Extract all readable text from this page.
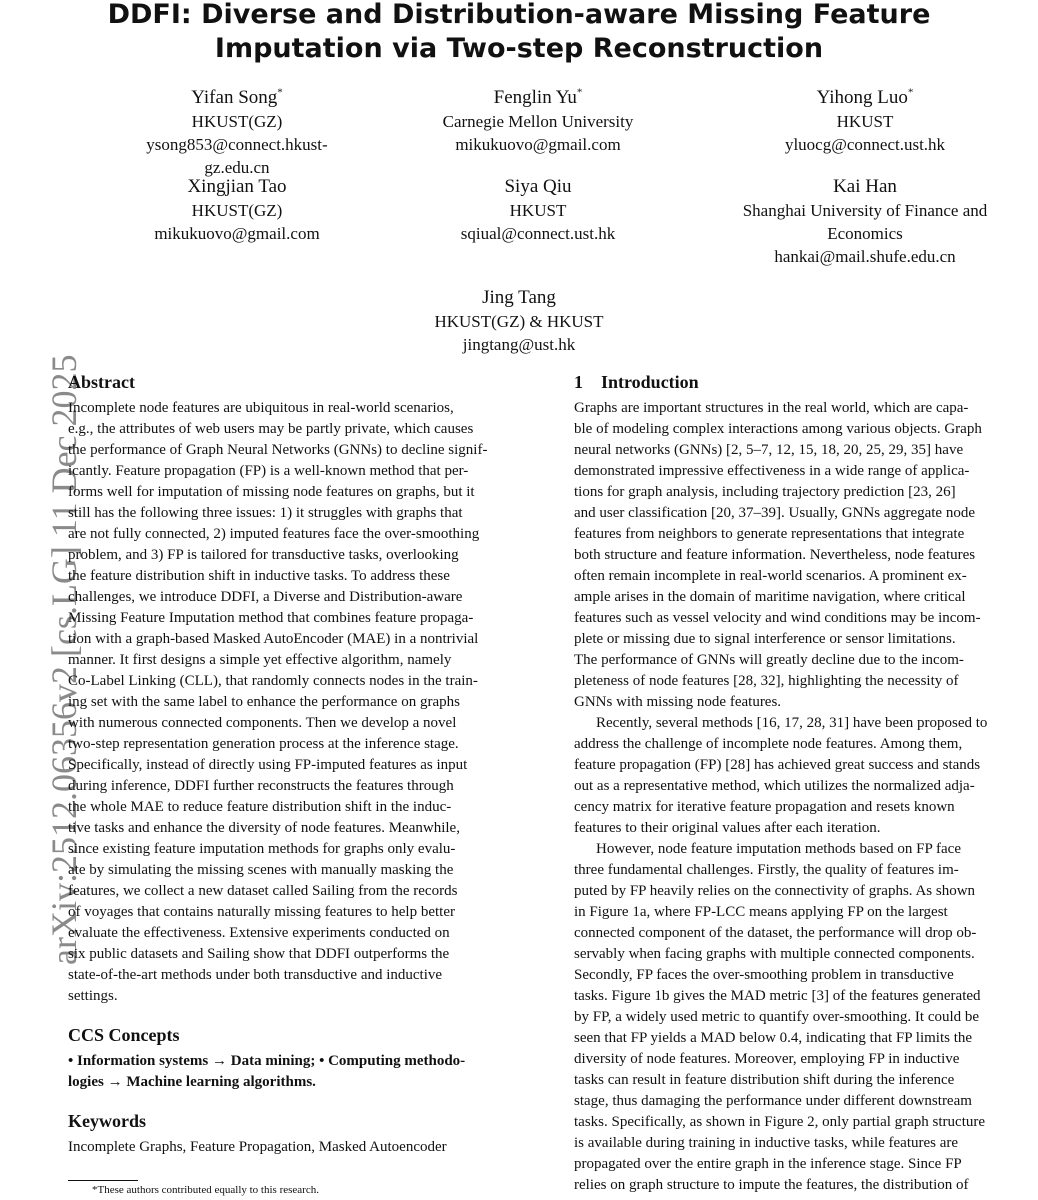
DDFI: Diverse and Distribution-aware Missing Feature
Imputation via Two-step Reconstruction
Yifan Song*
HKUST(GZ)
ysong853@connect.hkust-gz.edu.cn
Fenglin Yu*
Carnegie Mellon University
mikukuovo@gmail.com
Yihong Luo*
HKUST
yluocg@connect.ust.hk
Xingjian Tao
HKUST(GZ)
mikukuovo@gmail.com
Siya Qiu
HKUST
sqiual@connect.ust.hk
Kai Han
Shanghai University of Finance and
Economics
hankai@mail.shufe.edu.cn
Jing Tang
HKUST(GZ) & HKUST
jingtang@ust.hk
arXiv:2512.06356v2 [cs.LG] 11 Dec 2025
Abstract
Incomplete node features are ubiquitous in real-world scenarios,
e.g., the attributes of web users may be partly private, which causes
the performance of Graph Neural Networks (GNNs) to decline signif-
icantly. Feature propagation (FP) is a well-known method that per-
forms well for imputation of missing node features on graphs, but it
still has the following three issues: 1) it struggles with graphs that
are not fully connected, 2) imputed features face the over-smoothing
problem, and 3) FP is tailored for transductive tasks, overlooking
the feature distribution shift in inductive tasks. To address these
challenges, we introduce DDFI, a Diverse and Distribution-aware
Missing Feature Imputation method that combines feature propaga-
tion with a graph-based Masked AutoEncoder (MAE) in a nontrivial
manner. It first designs a simple yet effective algorithm, namely
Co-Label Linking (CLL), that randomly connects nodes in the train-
ing set with the same label to enhance the performance on graphs
with numerous connected components. Then we develop a novel
two-step representation generation process at the inference stage.
Specifically, instead of directly using FP-imputed features as input
during inference, DDFI further reconstructs the features through
the whole MAE to reduce feature distribution shift in the induc-
tive tasks and enhance the diversity of node features. Meanwhile,
since existing feature imputation methods for graphs only evalu-
ate by simulating the missing scenes with manually masking the
features, we collect a new dataset called Sailing from the records
of voyages that contains naturally missing features to help better
evaluate the effectiveness. Extensive experiments conducted on
six public datasets and Sailing show that DDFI outperforms the
state-of-the-art methods under both transductive and inductive
settings.
CCS Concepts
• Information systems → Data mining; • Computing methodo-
logies → Machine learning algorithms.
Keywords
Incomplete Graphs, Feature Propagation, Masked Autoencoder
*These authors contributed equally to this research.
1    Introduction
Graphs are important structures in the real world, which are capa-
ble of modeling complex interactions among various objects. Graph
neural networks (GNNs) [2, 5–7, 12, 15, 18, 20, 25, 29, 35] have
demonstrated impressive effectiveness in a wide range of applica-
tions for graph analysis, including trajectory prediction [23, 26]
and user classification [20, 37–39]. Usually, GNNs aggregate node
features from neighbors to generate representations that integrate
both structure and feature information. Nevertheless, node features
often remain incomplete in real-world scenarios. A prominent ex-
ample arises in the domain of maritime navigation, where critical
features such as vessel velocity and wind conditions may be incom-
plete or missing due to signal interference or sensor limitations.
The performance of GNNs will greatly decline due to the incom-
pleteness of node features [28, 32], highlighting the necessity of
GNNs with missing node features.
Recently, several methods [16, 17, 28, 31] have been proposed to
address the challenge of incomplete node features. Among them,
feature propagation (FP) [28] has achieved great success and stands
out as a representative method, which utilizes the normalized adja-
cency matrix for iterative feature propagation and resets known
features to their original values after each iteration.
However, node feature imputation methods based on FP face
three fundamental challenges. Firstly, the quality of features im-
puted by FP heavily relies on the connectivity of graphs. As shown
in Figure 1a, where FP-LCC means applying FP on the largest
connected component of the dataset, the performance will drop ob-
servably when facing graphs with multiple connected components.
Secondly, FP faces the over-smoothing problem in transductive
tasks. Figure 1b gives the MAD metric [3] of the features generated
by FP, a widely used metric to quantify over-smoothing. It could be
seen that FP yields a MAD below 0.4, indicating that FP limits the
diversity of node features. Moreover, employing FP in inductive
tasks can result in feature distribution shift during the inference
stage, thus damaging the performance under different downstream
tasks. Specifically, as shown in Figure 2, only partial graph structure
is available during training in inductive tasks, while features are
propagated over the entire graph in the inference stage. Since FP
relies on graph structure to impute the features, the distribution of
